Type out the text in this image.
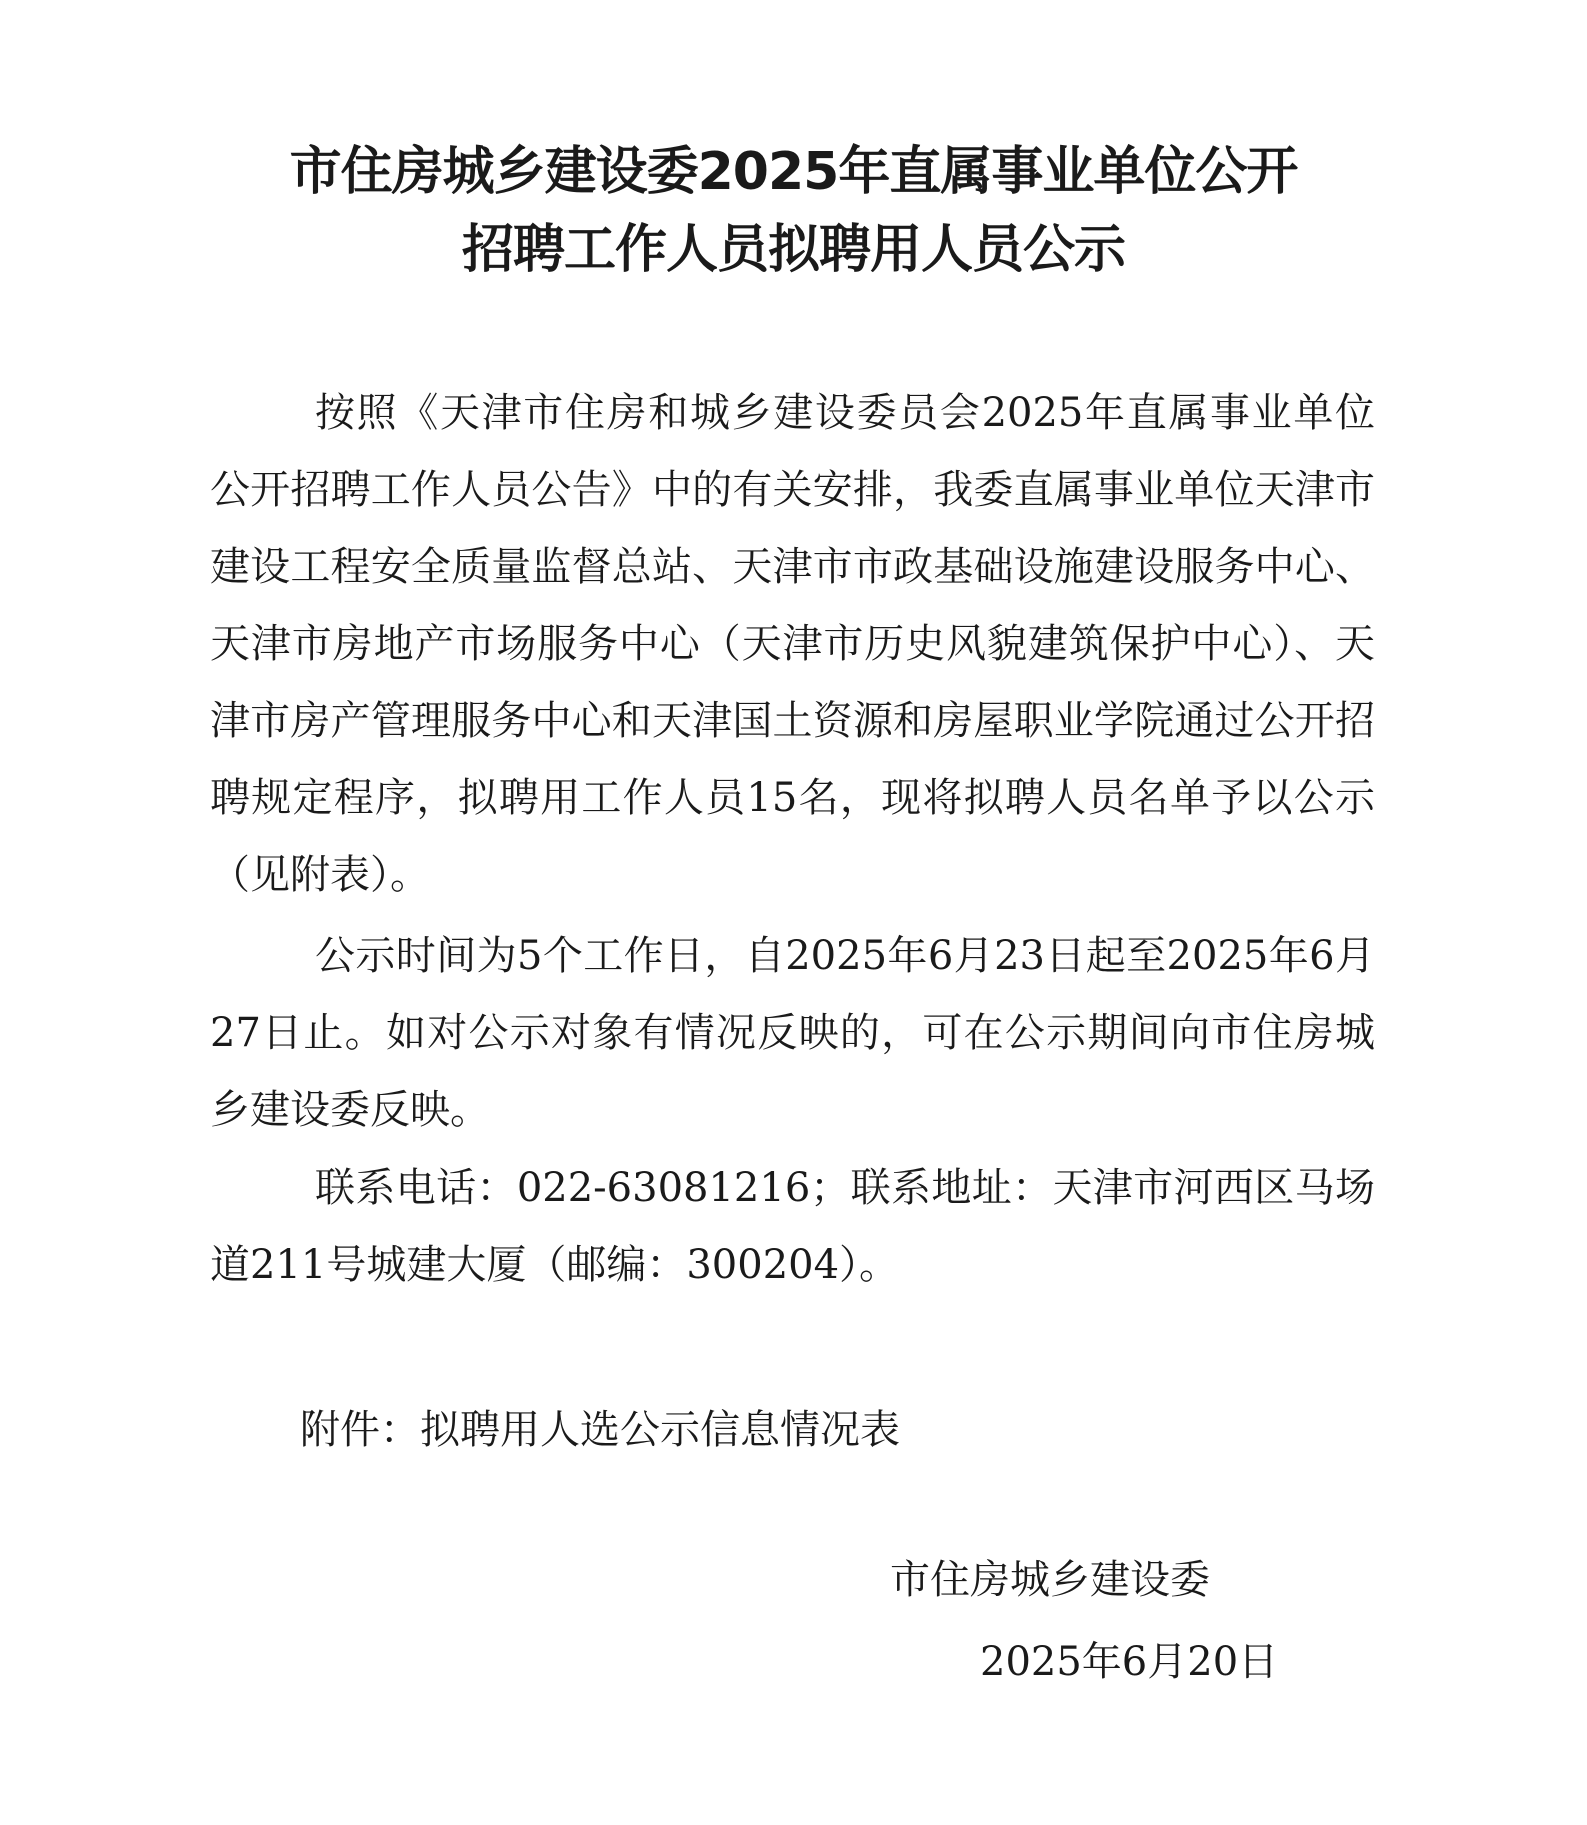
市住房城乡建设委2025年直属事业单位公开
招聘工作人员拟聘用人员公示

按照《天津市住房和城乡建设委员会2025年直属事业单位公开招聘工作人员公告》中的有关安排，我委直属事业单位天津市建设工程安全质量监督总站、天津市市政基础设施建设服务中心、天津市房地产市场服务中心（天津市历史风貌建筑保护中心）、天津市房产管理服务中心和天津国土资源和房屋职业学院通过公开招聘规定程序，拟聘用工作人员15名，现将拟聘人员名单予以公示（见附表）。

公示时间为5个工作日，自2025年6月23日起至2025年6月27日止。如对公示对象有情况反映的，可在公示期间向市住房城乡建设委反映。

联系电话：022-63081216；联系地址：天津市河西区马场道211号城建大厦（邮编：300204）。

附件：拟聘用人选公示信息情况表

市住房城乡建设委

2025年6月20日
